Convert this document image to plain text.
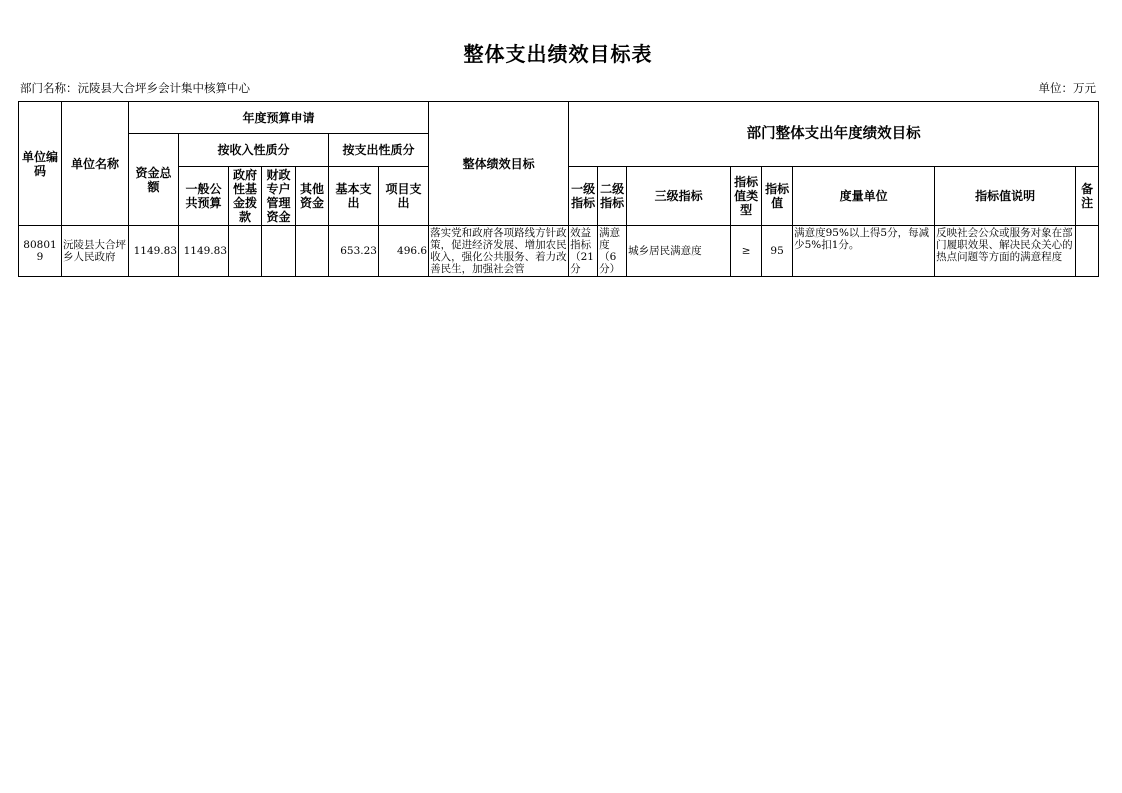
整体支出绩效目标表
部门名称：沅陵县大合坪乡会计集中核算中心	单位：万元
单位编码	单位名称	年度预算申请							整体绩效目标	部门整体支出年度绩效目标							
		资金总额	按收入性质分				按支出性质分										
			一般公共预算	政府性基金拨款	财政专户管理资金	其他资金	基本支出	项目支出		一级指标	二级指标	三级指标	指标值类型	指标值	度量单位	指标值说明	备注
808019	沅陵县大合坪乡人民政府	1149.83	1149.83				653.23	496.6	落实党和政府各项路线方针政策，促进经济发展、增加农民收入，强化公共服务、着力改善民生，加强社会管	效益指标（21分	满意度（6分）	城乡居民满意度	≥	95	满意度95%以上得5分，每减少5%扣1分。	反映社会公众或服务对象在部门履职效果、解决民众关心的热点问题等方面的满意程度	
